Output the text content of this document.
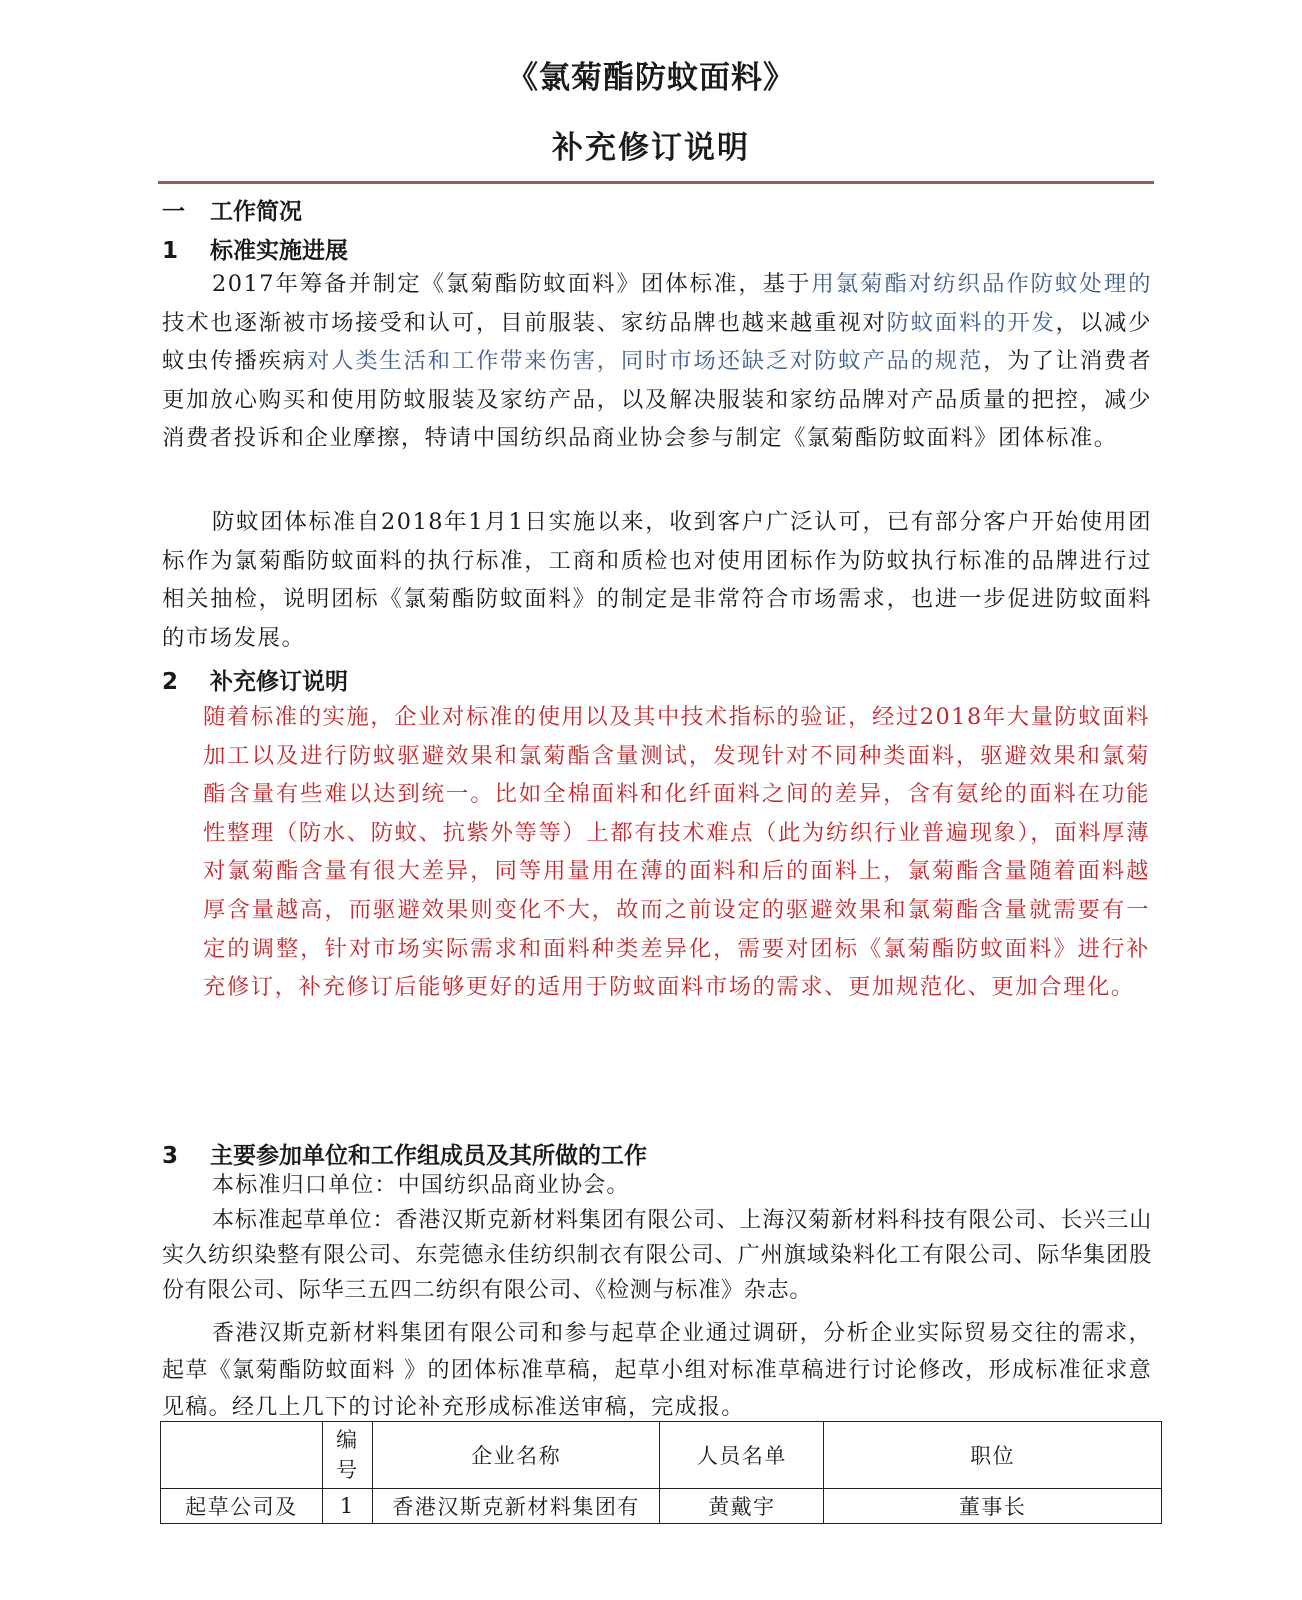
《氯菊酯防蚊面料》
补充修订说明
一 工作简况
1 标准实施进展

2017年筹备并制定《氯菊酯防蚊面料》团体标准，基于用氯菊酯对纺织品作防蚊处理的技术也逐渐被市场接受和认可，目前服装、家纺品牌也越来越重视对防蚊面料的开发，以减少蚊虫传播疾病对人类生活和工作带来伤害，同时市场还缺乏对防蚊产品的规范，为了让消费者更加放心购买和使用防蚊服装及家纺产品，以及解决服装和家纺品牌对产品质量的把控，减少消费者投诉和企业摩擦，特请中国纺织品商业协会参与制定《氯菊酯防蚊面料》团体标准。

防蚊团体标准自2018年1月1日实施以来，收到客户广泛认可，已有部分客户开始使用团标作为氯菊酯防蚊面料的执行标准，工商和质检也对使用团标作为防蚊执行标准的品牌进行过相关抽检，说明团标《氯菊酯防蚊面料》的制定是非常符合市场需求，也进一步促进防蚊面料的市场发展。

2 补充修订说明

随着标准的实施，企业对标准的使用以及其中技术指标的验证，经过2018年大量防蚊面料加工以及进行防蚊驱避效果和氯菊酯含量测试，发现针对不同种类面料，驱避效果和氯菊酯含量有些难以达到统一。比如全棉面料和化纤面料之间的差异，含有氨纶的面料在功能性整理（防水、防蚊、抗紫外等等）上都有技术难点（此为纺织行业普遍现象），面料厚薄对氯菊酯含量有很大差异，同等用量用在薄的面料和后的面料上，氯菊酯含量随着面料越厚含量越高，而驱避效果则变化不大，故而之前设定的驱避效果和氯菊酯含量就需要有一定的调整，针对市场实际需求和面料种类差异化，需要对团标《氯菊酯防蚊面料》进行补充修订，补充修订后能够更好的适用于防蚊面料市场的需求、更加规范化、更加合理化。

3 主要参加单位和工作组成员及其所做的工作

本标准归口单位：中国纺织品商业协会。

本标准起草单位：香港汉斯克新材料集团有限公司、上海汉菊新材料科技有限公司、长兴三山实久纺织染整有限公司、东莞德永佳纺织制衣有限公司、广州旗域染料化工有限公司、际华集团股份有限公司、际华三五四二纺织有限公司、《检测与标准》杂志。

香港汉斯克新材料集团有限公司和参与起草企业通过调研，分析企业实际贸易交往的需求，起草《氯菊酯防蚊面料 》的团体标准草稿，起草小组对标准草稿进行讨论修改，形成标准征求意见稿。经几上几下的讨论补充形成标准送审稿，完成报。

	编号	企业名称	人员名单	职位
起草公司及	1	香港汉斯克新材料集团有	黄戴宇	董事长
